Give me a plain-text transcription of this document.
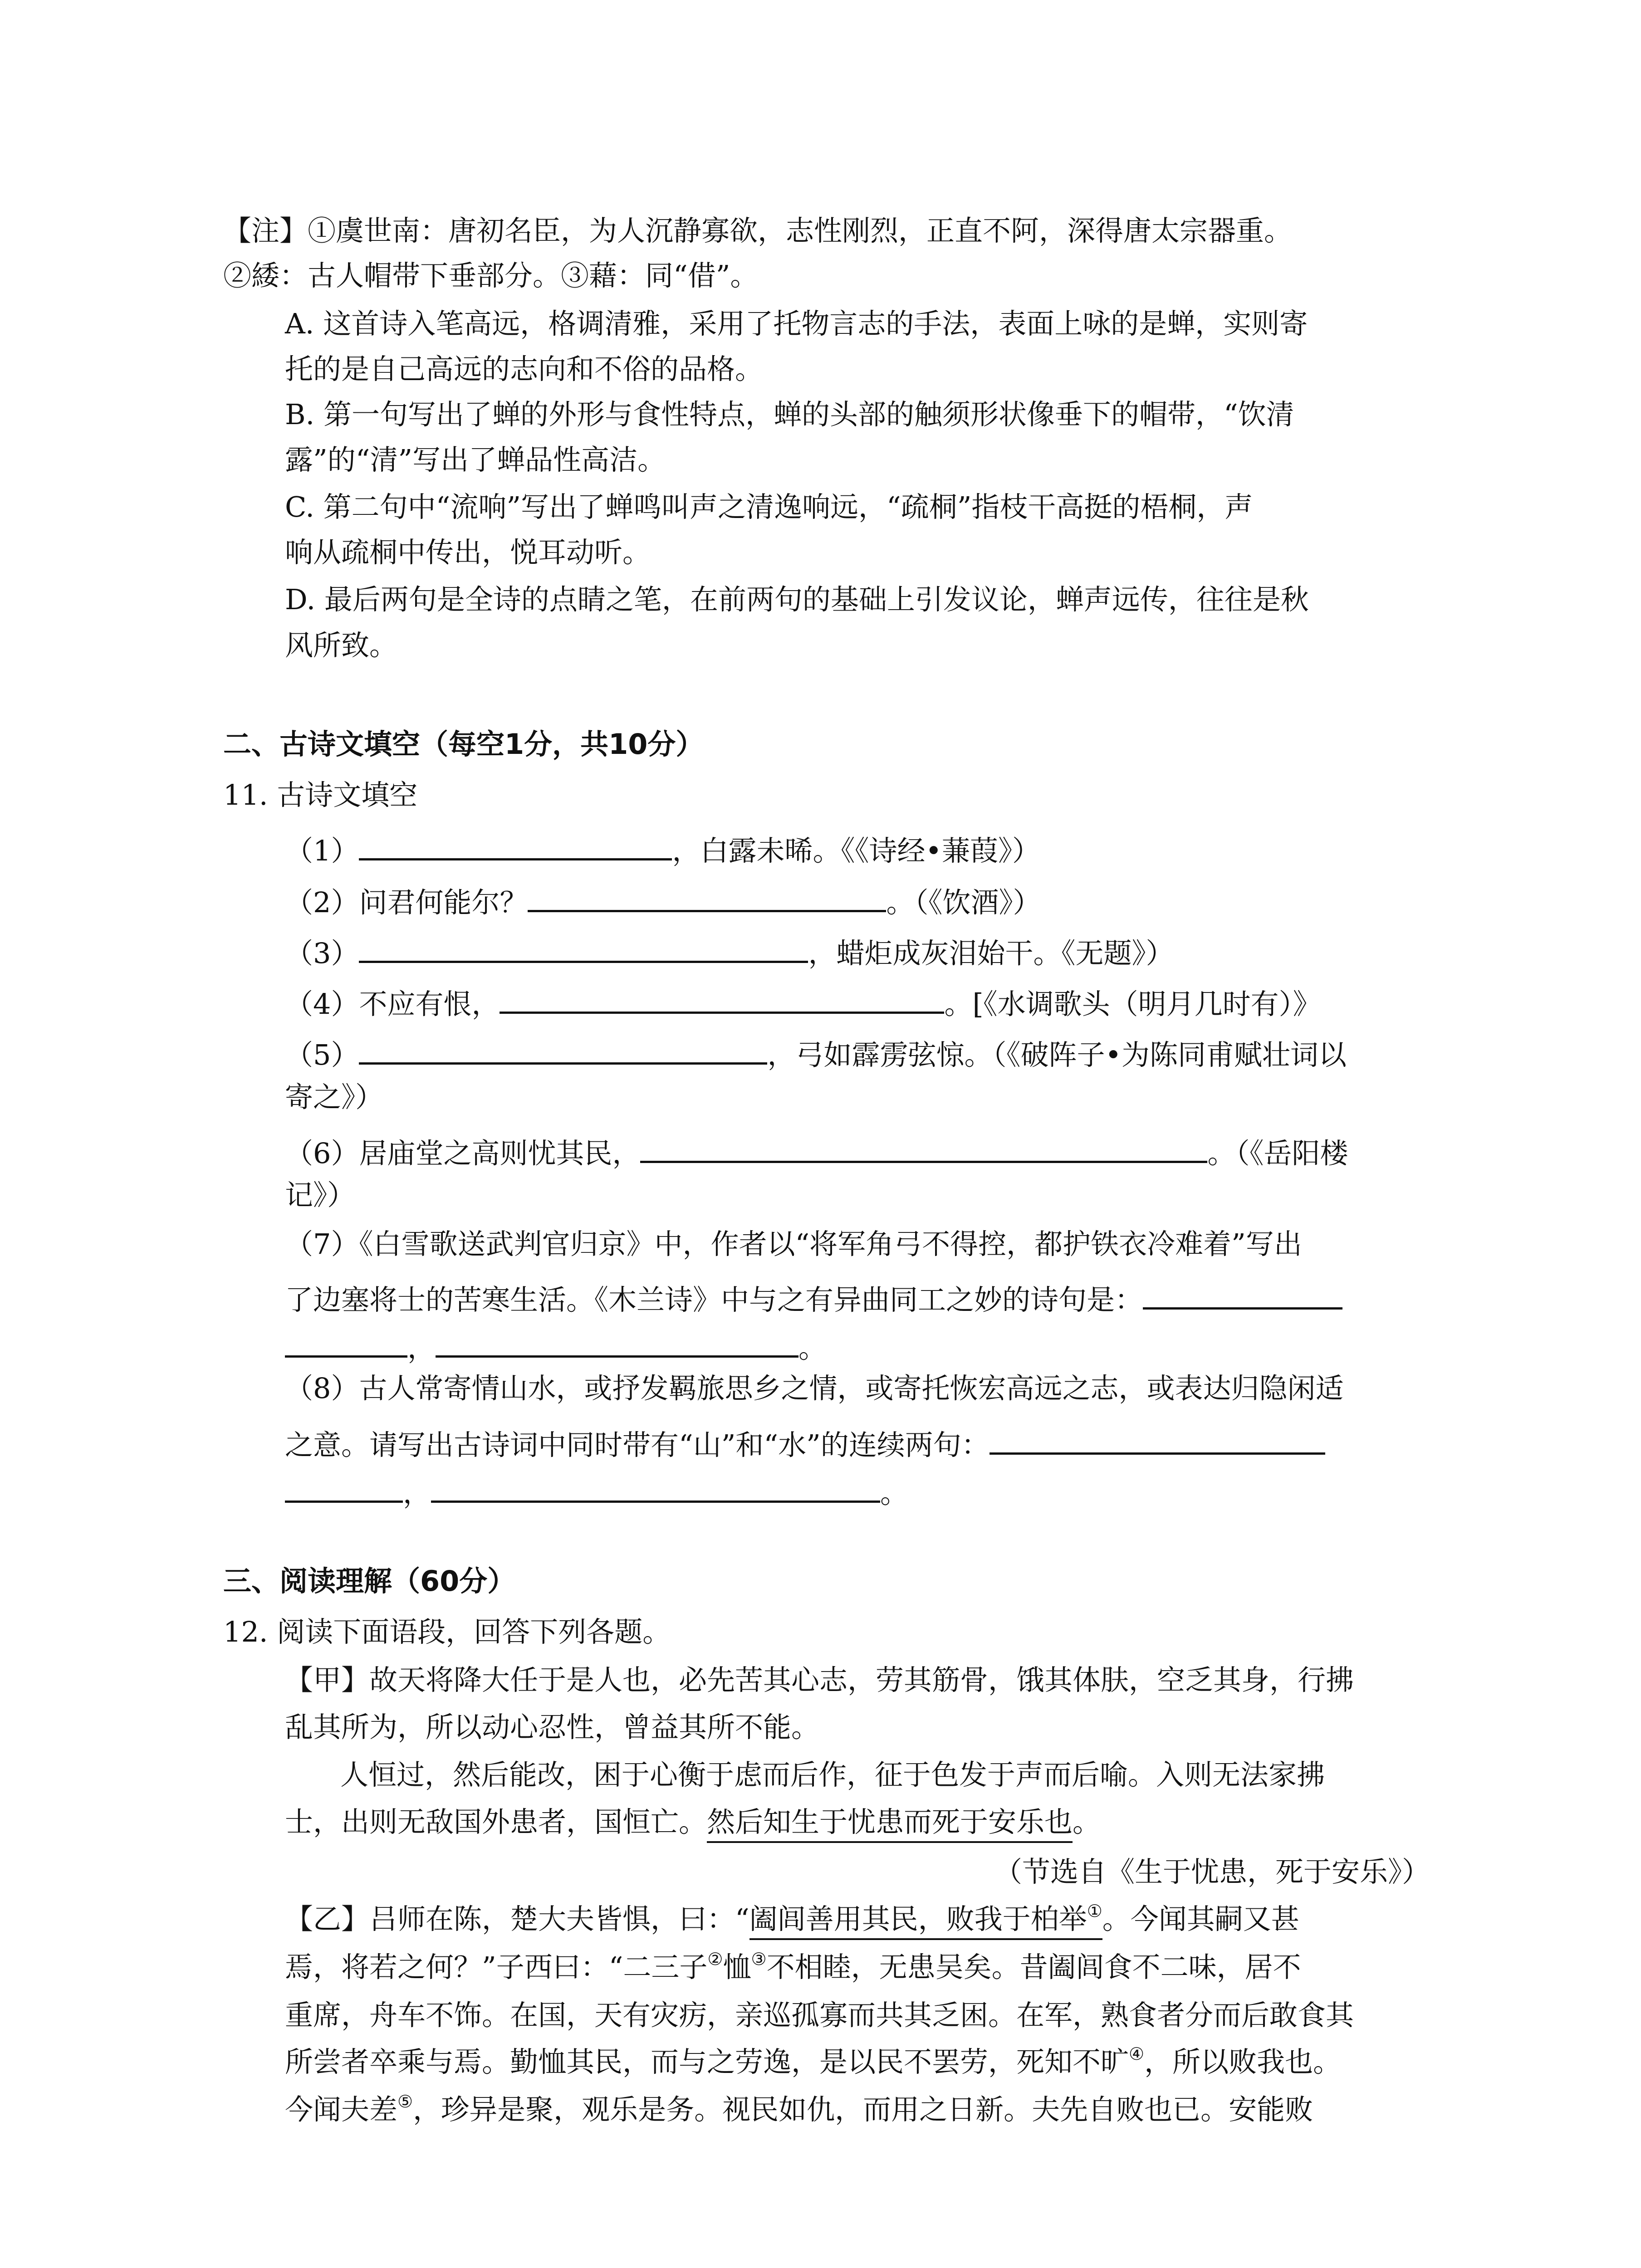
【注】①虞世南：唐初名臣，为人沉静寡欲，志性刚烈，正直不阿，深得唐太宗器重。
②緌：古人帽带下垂部分。③藉：同“借”。
A. 这首诗入笔高远，格调清雅，采用了托物言志的手法，表面上咏的是蝉，实则寄
托的是自己高远的志向和不俗的品格。
B. 第一句写出了蝉的外形与食性特点，蝉的头部的触须形状像垂下的帽带，“饮清
露”的“清”写出了蝉品性高洁。
C. 第二句中“流响”写出了蝉鸣叫声之清逸响远，“疏桐”指枝干高挺的梧桐，声
响从疏桐中传出，悦耳动听。
D. 最后两句是全诗的点睛之笔，在前两句的基础上引发议论，蝉声远传，往往是秋
风所致。
二、古诗文填空（每空1分，共10分）
11. 古诗文填空
（1）	，白露未晞。《《诗经•蒹葭》）
（2）问君何能尔？	。（《饮酒》）
（3）	，蜡炬成灰泪始干。《无题》）
（4）不应有恨，	。[《水调歌头（明月几时有）》
（5）	，弓如霹雳弦惊。（《破阵子•为陈同甫赋壮词以
寄之》）
（6）居庙堂之高则忧其民，	。（《岳阳楼
记》）
（7）《白雪歌送武判官归京》中，作者以“将军角弓不得控，都护铁衣冷难着”写出
了边塞将士的苦寒生活。《木兰诗》中与之有异曲同工之妙的诗句是：
，	。
（8）古人常寄情山水，或抒发羁旅思乡之情，或寄托恢宏高远之志，或表达归隐闲适
之意。请写出古诗词中同时带有“山”和“水”的连续两句：
，	。
三、阅读理解（60分）
12. 阅读下面语段，回答下列各题。
【甲】故天将降大任于是人也，必先苦其心志，劳其筋骨，饿其体肤，空乏其身，行拂
乱其所为，所以动心忍性，曾益其所不能。
人恒过，然后能改，困于心衡于虑而后作，征于色发于声而后喻。入则无法家拂
士，出则无敌国外患者，国恒亡。然后知生于忧患而死于安乐也。
（节选自《生于忧患，死于安乐》）
【乙】吕师在陈，楚大夫皆惧，曰：“阖闾善用其民，败我于柏举①。今闻其嗣又甚
焉，将若之何？”子西曰：“二三子②恤③不相睦，无患吴矣。昔阖闾食不二味，居不
重席，舟车不饰。在国，天有灾疠，亲巡孤寡而共其乏困。在军，熟食者分而后敢食其
所尝者卒乘与焉。勤恤其民，而与之劳逸，是以民不罢劳，死知不旷④，所以败我也。
今闻夫差⑤，珍异是聚，观乐是务。视民如仇，而用之日新。夫先自败也已。安能败
